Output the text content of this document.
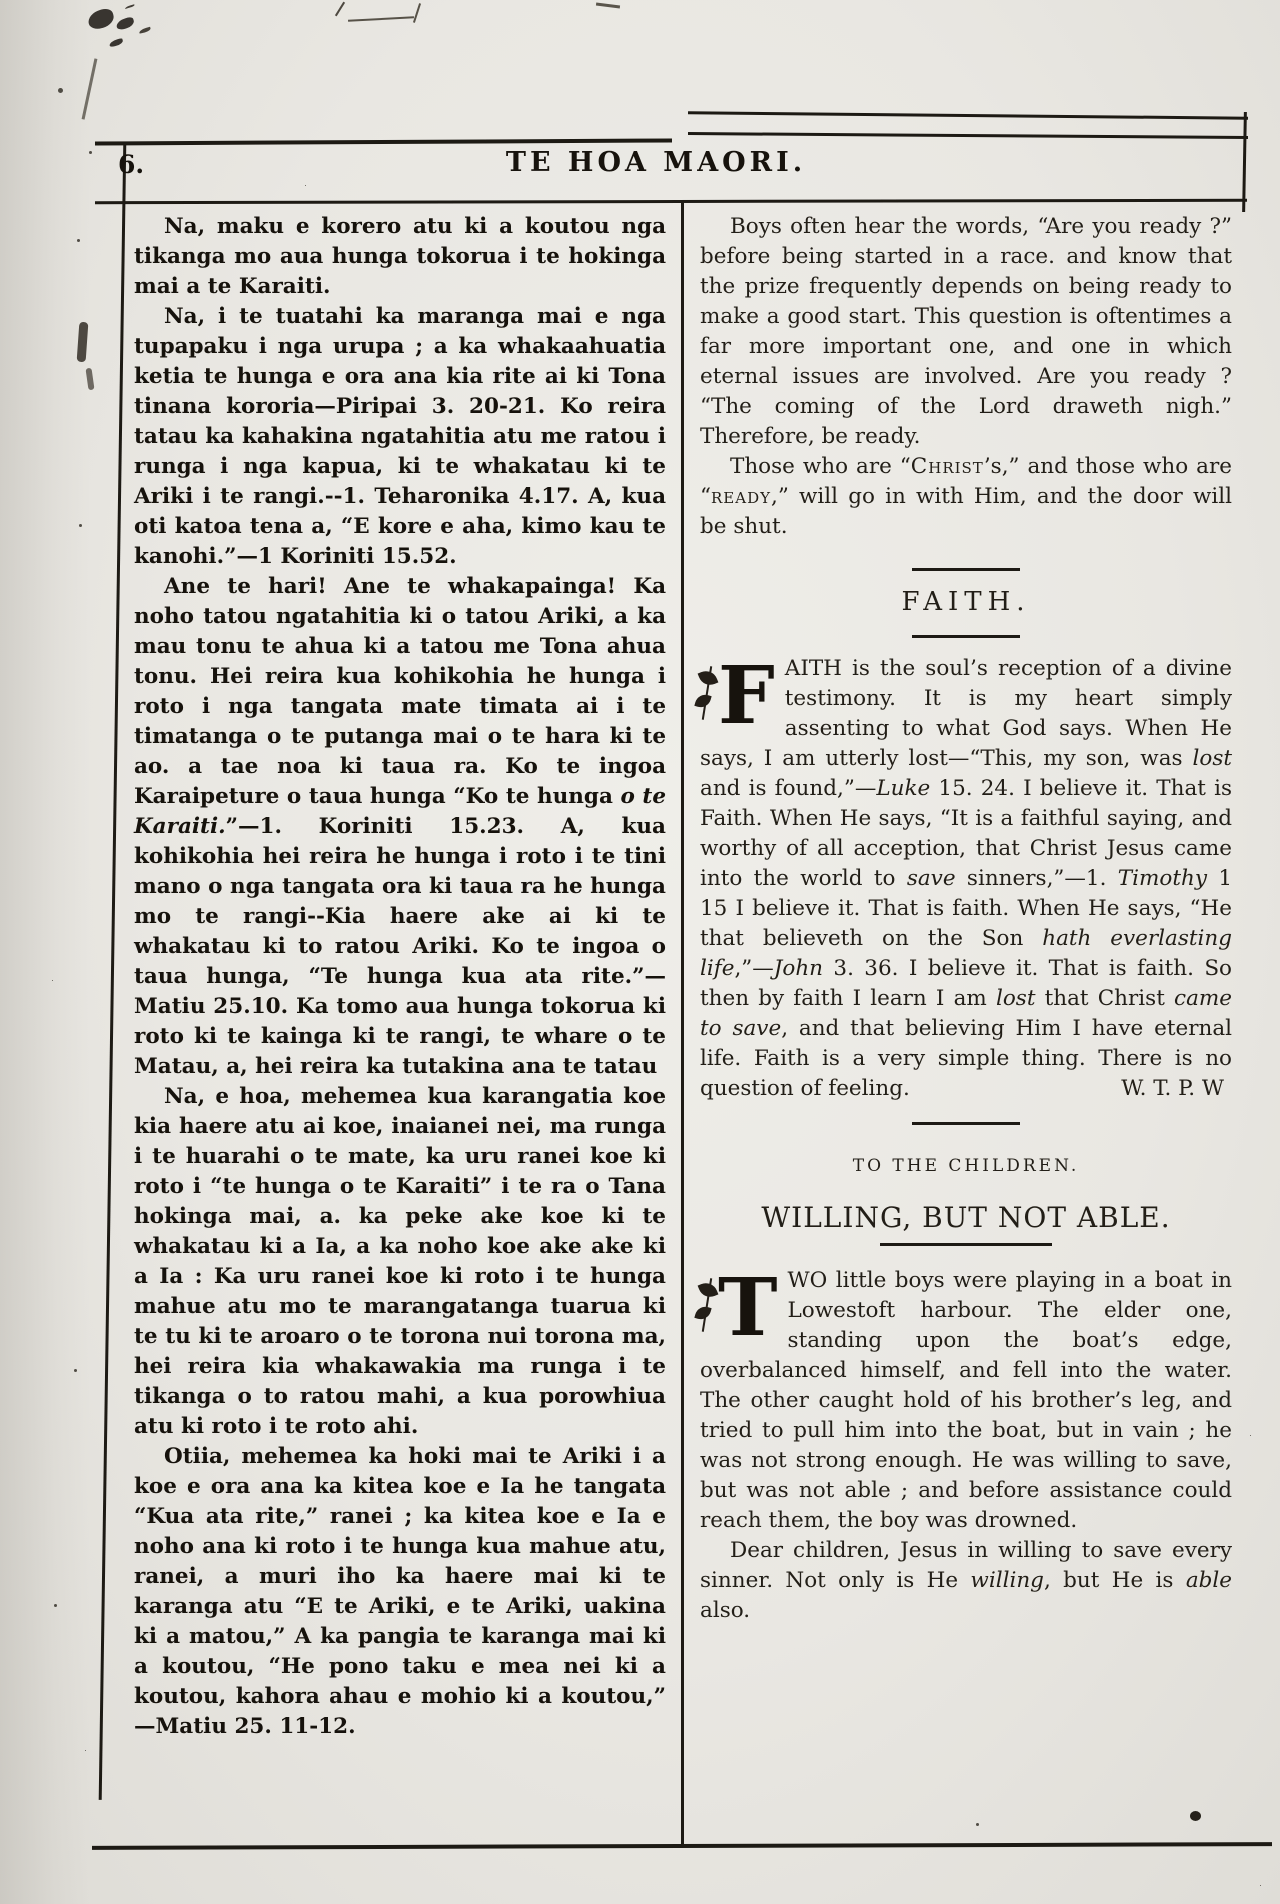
6.	TE HOA MAORI.

Na, maku e korero atu ki a koutou nga tikanga mo aua hunga tokorua i te hokinga mai a te Karaiti.

Na, i te tuatahi ka maranga mai e nga tupapaku i nga urupa ; a ka whakaahuatia ketia te hunga e ora ana kia rite ai ki Tona tinana kororia—Piripai 3. 20-21. Ko reira tatau ka kahakina ngatahitia atu me ratou i runga i nga kapua, ki te whakatau ki te Ariki i te rangi.--1. Teharonika 4.17. A, kua oti katoa tena a, “E kore e aha, kimo kau te kanohi.”—1 Koriniti 15.52.

Ane te hari! Ane te whakapainga! Ka noho tatou ngatahitia ki o tatou Ariki, a ka mau tonu te ahua ki a tatou me Tona ahua tonu. Hei reira kua kohikohia he hunga i roto i nga tangata mate timata ai i te timatanga o te putanga mai o te hara ki te ao. a tae noa ki taua ra. Ko te ingoa Karaipeture o taua hunga “Ko te hunga o te Karaiti.”—1. Koriniti 15.23. A, kua kohikohia hei reira he hunga i roto i te tini mano o nga tangata ora ki taua ra he hunga mo te rangi--Kia haere ake ai ki te whakatau ki to ratou Ariki. Ko te ingoa o taua hunga, “Te hunga kua ata rite.”—Matiu 25.10. Ka tomo aua hunga tokorua ki roto ki te kainga ki te rangi, te whare o te Matau, a, hei reira ka tutakina ana te tatau

Na, e hoa, mehemea kua karangatia koe kia haere atu ai koe, inaianei nei, ma runga i te huarahi o te mate, ka uru ranei koe ki roto i “te hunga o te Karaiti” i te ra o Tana hokinga mai, a. ka peke ake koe ki te whakatau ki a Ia, a ka noho koe ake ake ki a Ia : Ka uru ranei koe ki roto i te hunga mahue atu mo te marangatanga tuarua ki te tu ki te aroaro o te torona nui torona ma, hei reira kia whakawakia ma runga i te tikanga o to ratou mahi, a kua porowhiua atu ki roto i te roto ahi.

Otiia, mehemea ka hoki mai te Ariki i a koe e ora ana ka kitea koe e Ia he tangata “Kua ata rite,” ranei ; ka kitea koe e Ia e noho ana ki roto i te hunga kua mahue atu, ranei, a muri iho ka haere mai ki te karanga atu “E te Ariki, e te Ariki, uakina ki a matou,” A ka pangia te karanga mai ki a koutou, “He pono taku e mea nei ki a koutou, kahora ahau e mohio ki a koutou,” —Matiu 25. 11-12.

Boys often hear the words, “Are you ready ?” before being started in a race. and know that the prize frequently depends on being ready to make a good start. This question is oftentimes a far more important one, and one in which eternal issues are involved. Are you ready ? “The coming of the Lord draweth nigh.” Therefore, be ready.

Those who are “Christ’s,” and those who are “ready,” will go in with Him, and the door will be shut.

FAITH.

F AITH is the soul’s reception of a divine testimony. It is my heart simply assenting to what God says. When He says, I am utterly lost—“This, my son, was lost and is found,”—Luke 15. 24. I believe it. That is Faith. When He says, “It is a faithful saying, and worthy of all acception, that Christ Jesus came into the world to save sinners,”—1. Timothy 1 15 I believe it. That is faith. When He says, “He that believeth on the Son hath everlasting life,”—John 3. 36. I believe it. That is faith. So then by faith I learn I am lost that Christ came to save, and that believing Him I have eternal life. Faith is a very simple thing. There is no question of feeling.	W. T. P. W
TO THE CHILDREN.
WILLING, BUT NOT ABLE.

T WO little boys were playing in a boat in Lowestoft harbour. The elder one, standing upon the boat’s edge, overbalanced himself, and fell into the water. The other caught hold of his brother’s leg, and tried to pull him into the boat, but in vain ; he was not strong enough. He was willing to save, but was not able ; and before assistance could reach them, the boy was drowned.

Dear children, Jesus in willing to save every sinner. Not only is He willing, but He is able also.
